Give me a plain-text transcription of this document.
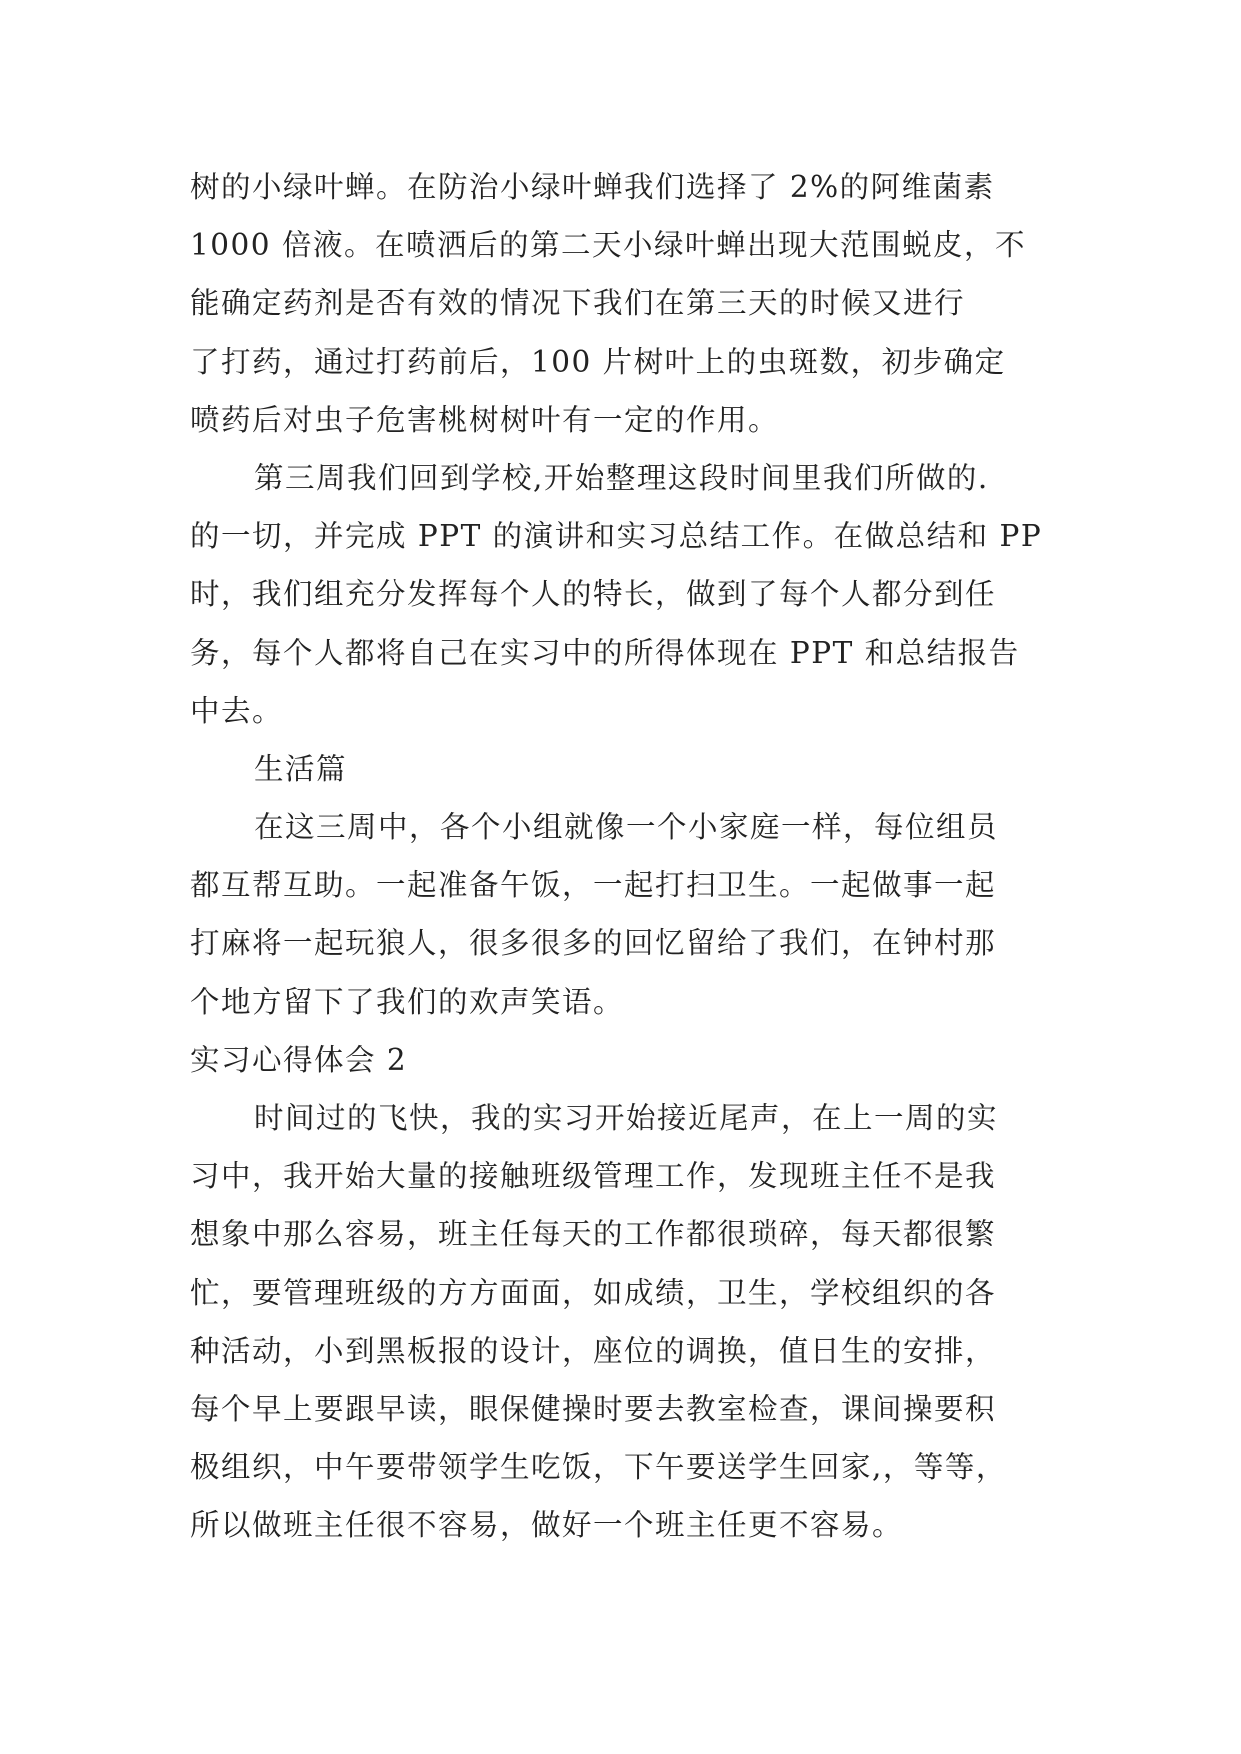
树的小绿叶蝉。在防治小绿叶蝉我们选择了 2%的阿维菌素
1000 倍液。在喷洒后的第二天小绿叶蝉出现大范围蜕皮，不
能确定药剂是否有效的情况下我们在第三天的时候又进行
了打药，通过打药前后，100 片树叶上的虫斑数，初步确定
喷药后对虫子危害桃树树叶有一定的作用。
第三周我们回到学校,开始整理这段时间里我们所做的.
的一切，并完成 PPT 的演讲和实习总结工作。在做总结和 PP
时，我们组充分发挥每个人的特长，做到了每个人都分到任
务，每个人都将自己在实习中的所得体现在 PPT 和总结报告
中去。
生活篇
在这三周中，各个小组就像一个小家庭一样，每位组员
都互帮互助。一起准备午饭，一起打扫卫生。一起做事一起
打麻将一起玩狼人，很多很多的回忆留给了我们，在钟村那
个地方留下了我们的欢声笑语。
实习心得体会 2
时间过的飞快，我的实习开始接近尾声，在上一周的实
习中，我开始大量的接触班级管理工作，发现班主任不是我
想象中那么容易，班主任每天的工作都很琐碎，每天都很繁
忙，要管理班级的方方面面，如成绩，卫生，学校组织的各
种活动，小到黑板报的设计，座位的调换，值日生的安排，
每个早上要跟早读，眼保健操时要去教室检查，课间操要积
极组织，中午要带领学生吃饭，下午要送学生回家,，等等，
所以做班主任很不容易，做好一个班主任更不容易。
